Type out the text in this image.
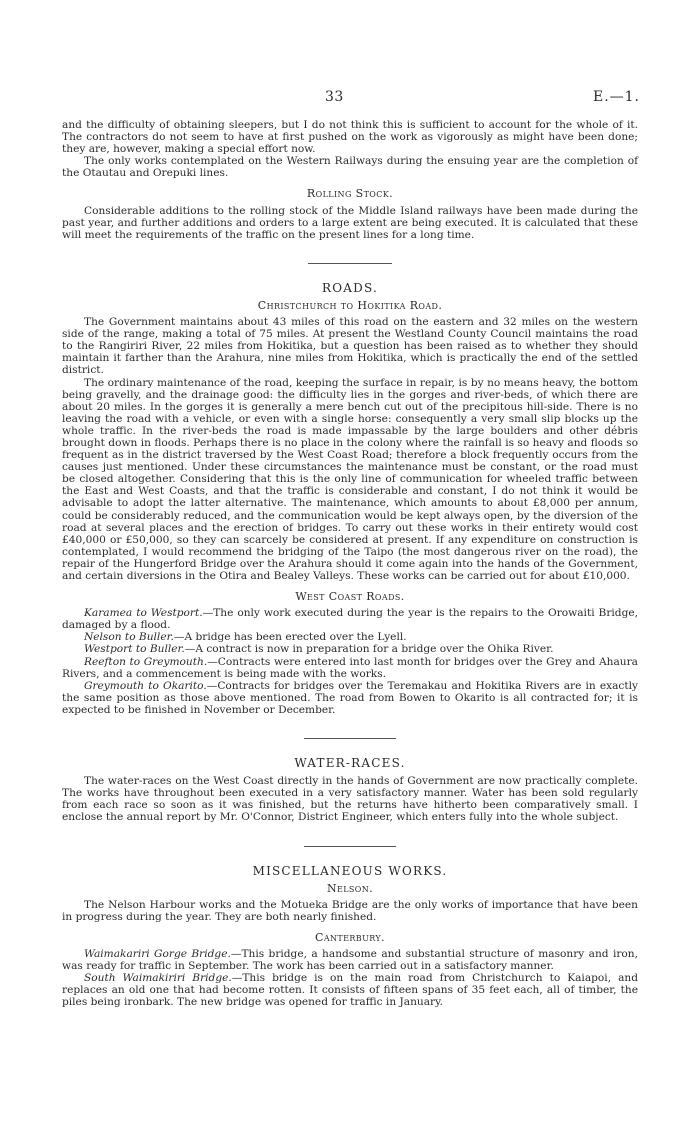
33	E.—1.

and the difficulty of obtaining sleepers, but I do not think this is sufficient to account for the whole of it. The contractors do not seem to have at first pushed on the work as vigorously as might have been done; they are, however, making a special effort now.

The only works contemplated on the Western Railways during the ensuing year are the completion of the Otautau and Orepuki lines.

Rolling Stock.

Considerable additions to the rolling stock of the Middle Island railways have been made during the past year, and further additions and orders to a large extent are being executed. It is calculated that these will meet the requirements of the traffic on the present lines for a long time.

ROADS.
Christchurch to Hokitika Road.

The Government maintains about 43 miles of this road on the eastern and 32 miles on the western side of the range, making a total of 75 miles. At present the Westland County Council maintains the road to the Rangiriri River, 22 miles from Hokitika, but a question has been raised as to whether they should maintain it farther than the Arahura, nine miles from Hokitika, which is practically the end of the settled district.

The ordinary maintenance of the road, keeping the surface in repair, is by no means heavy, the bottom being gravelly, and the drainage good: the difficulty lies in the gorges and river-beds, of which there are about 20 miles. In the gorges it is generally a mere bench cut out of the precipitous hill-side. There is no leaving the road with a vehicle, or even with a single horse: consequently a very small slip blocks up the whole traffic. In the river-beds the road is made impassable by the large boulders and other débris brought down in floods. Perhaps there is no place in the colony where the rainfall is so heavy and floods so frequent as in the district traversed by the West Coast Road; therefore a block frequently occurs from the causes just mentioned. Under these circumstances the maintenance must be constant, or the road must be closed altogether. Considering that this is the only line of communication for wheeled traffic between the East and West Coasts, and that the traffic is considerable and constant, I do not think it would be advisable to adopt the latter alternative. The maintenance, which amounts to about £8,000 per annum, could be considerably reduced, and the communication would be kept always open, by the diversion of the road at several places and the erection of bridges. To carry out these works in their entirety would cost £40,000 or £50,000, so they can scarcely be considered at present. If any expenditure on construction is contemplated, I would recommend the bridging of the Taipo (the most dangerous river on the road), the repair of the Hungerford Bridge over the Arahura should it come again into the hands of the Government, and certain diversions in the Otira and Bealey Valleys. These works can be carried out for about £10,000.

West Coast Roads.

Karamea to Westport.—The only work executed during the year is the repairs to the Orowaiti Bridge, damaged by a flood.

Nelson to Buller.—A bridge has been erected over the Lyell.

Westport to Buller.—A contract is now in preparation for a bridge over the Ohika River.

Reefton to Greymouth.—Contracts were entered into last month for bridges over the Grey and Ahaura Rivers, and a commencement is being made with the works.

Greymouth to Okarito.—Contracts for bridges over the Teremakau and Hokitika Rivers are in exactly the same position as those above mentioned. The road from Bowen to Okarito is all contracted for; it is expected to be finished in November or December.

WATER-RACES.

The water-races on the West Coast directly in the hands of Government are now practically complete. The works have throughout been executed in a very satisfactory manner. Water has been sold regularly from each race so soon as it was finished, but the returns have hitherto been comparatively small. I enclose the annual report by Mr. O'Connor, District Engineer, which enters fully into the whole subject.

MISCELLANEOUS WORKS.
Nelson.

The Nelson Harbour works and the Motueka Bridge are the only works of importance that have been in progress during the year. They are both nearly finished.

Canterbury.

Waimakariri Gorge Bridge.—This bridge, a handsome and substantial structure of masonry and iron, was ready for traffic in September. The work has been carried out in a satisfactory manner.

South Waimakiriri Bridge.—This bridge is on the main road from Christchurch to Kaiapoi, and replaces an old one that had become rotten. It consists of fifteen spans of 35 feet each, all of timber, the piles being ironbark. The new bridge was opened for traffic in January.
